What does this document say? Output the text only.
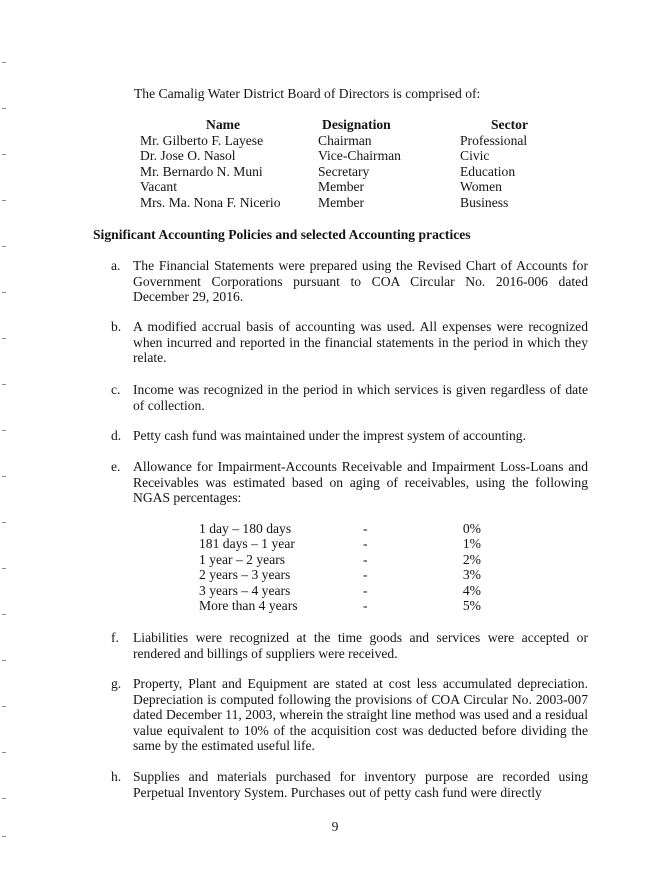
The Camalig Water District Board of Directors is comprised of:
Name	Designation	Sector
Mr. Gilberto F. Layese	Chairman	Professional
Dr. Jose O. Nasol	Vice-Chairman	Civic
Mr. Bernardo N. Muni	Secretary	Education
Vacant	Member	Women
Mrs. Ma. Nona F. Nicerio	Member	Business
Significant Accounting Policies and selected Accounting practices
a. The Financial Statements were prepared using the Revised Chart of Accounts for Government Corporations pursuant to COA Circular No. 2016-006 dated December 29, 2016.
b. A modified accrual basis of accounting was used. All expenses were recognized when incurred and reported in the financial statements in the period in which they relate.
c. Income was recognized in the period in which services is given regardless of date of collection.
d. Petty cash fund was maintained under the imprest system of accounting.
e. Allowance for Impairment-Accounts Receivable and Impairment Loss-Loans and Receivables was estimated based on aging of receivables, using the following NGAS percentages:
1 day – 180 days	-	0%
181 days – 1 year	-	1%
1 year – 2 years	-	2%
2 years – 3 years	-	3%
3 years – 4 years	-	4%
More than 4 years	-	5%
f. Liabilities were recognized at the time goods and services were accepted or rendered and billings of suppliers were received.
g. Property, Plant and Equipment are stated at cost less accumulated depreciation. Depreciation is computed following the provisions of COA Circular No. 2003-007 dated December 11, 2003, wherein the straight line method was used and a residual value equivalent to 10% of the acquisition cost was deducted before dividing the same by the estimated useful life.
h. Supplies and materials purchased for inventory purpose are recorded using Perpetual Inventory System. Purchases out of petty cash fund were directly
9
